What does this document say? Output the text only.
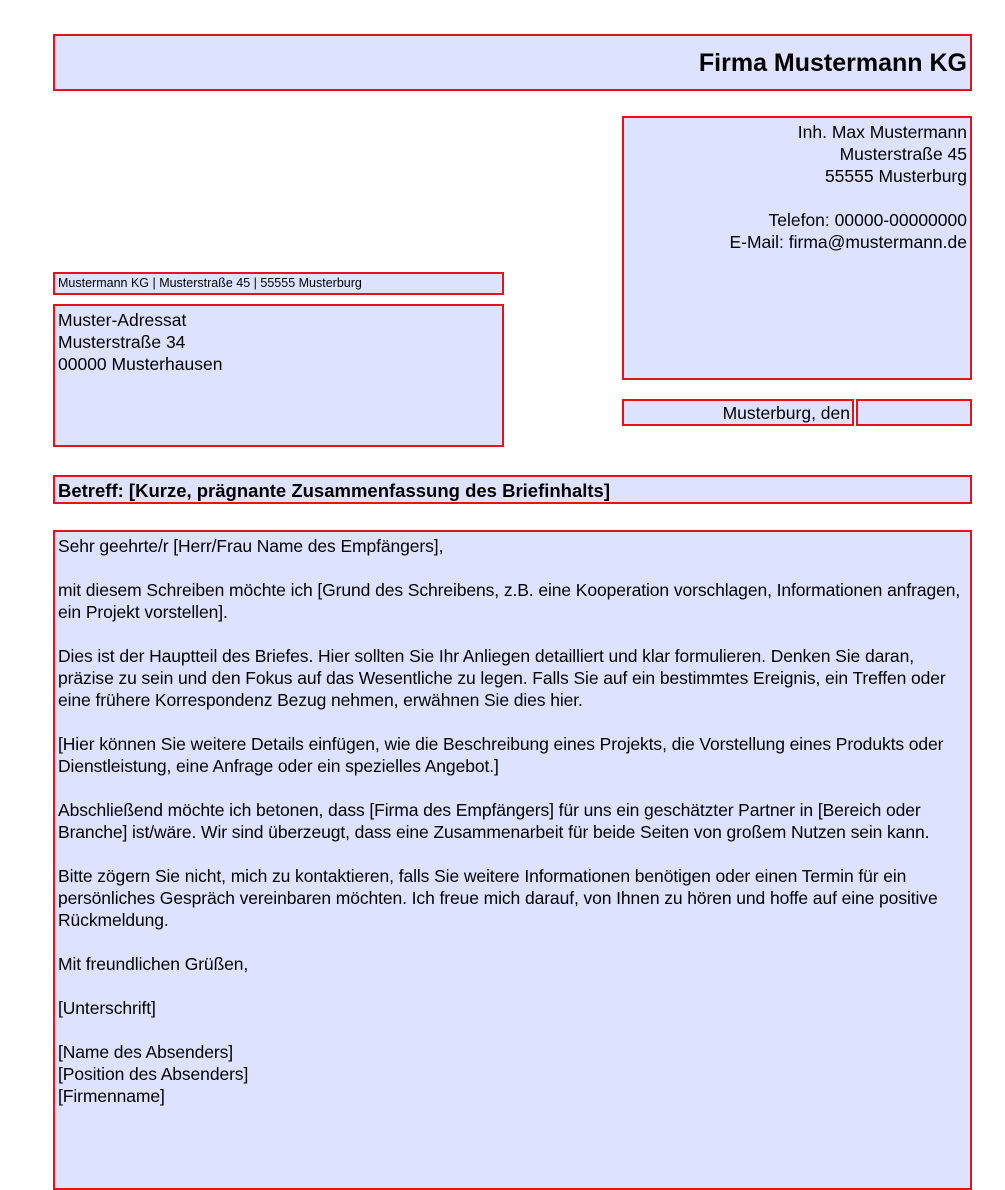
Firma Mustermann KG
Inh. Max Mustermann
Musterstraße 45
55555 Musterburg
Telefon: 00000-00000000
E-Mail: firma@mustermann.de
Mustermann KG | Musterstraße 45 | 55555 Musterburg
Muster-Adressat
Musterstraße 34
00000 Musterhausen
Musterburg, den
Betreff: [Kurze, prägnante Zusammenfassung des Briefinhalts]

Sehr geehrte/r [Herr/Frau Name des Empfängers],

mit diesem Schreiben möchte ich [Grund des Schreibens, z.B. eine Kooperation vorschlagen, Informationen anfragen, ein Projekt vorstellen].

Dies ist der Hauptteil des Briefes. Hier sollten Sie Ihr Anliegen detailliert und klar formulieren. Denken Sie daran, präzise zu sein und den Fokus auf das Wesentliche zu legen. Falls Sie auf ein bestimmtes Ereignis, ein Treffen oder eine frühere Korrespondenz Bezug nehmen, erwähnen Sie dies hier.

[Hier können Sie weitere Details einfügen, wie die Beschreibung eines Projekts, die Vorstellung eines Produkts oder Dienstleistung, eine Anfrage oder ein spezielles Angebot.]

Abschließend möchte ich betonen, dass [Firma des Empfängers] für uns ein geschätzter Partner in [Bereich oder Branche] ist/wäre. Wir sind überzeugt, dass eine Zusammenarbeit für beide Seiten von großem Nutzen sein kann.

Bitte zögern Sie nicht, mich zu kontaktieren, falls Sie weitere Informationen benötigen oder einen Termin für ein persönliches Gespräch vereinbaren möchten. Ich freue mich darauf, von Ihnen zu hören und hoffe auf eine positive Rückmeldung.

Mit freundlichen Grüßen,

[Unterschrift]

[Name des Absenders]

[Position des Absenders]

[Firmenname]
